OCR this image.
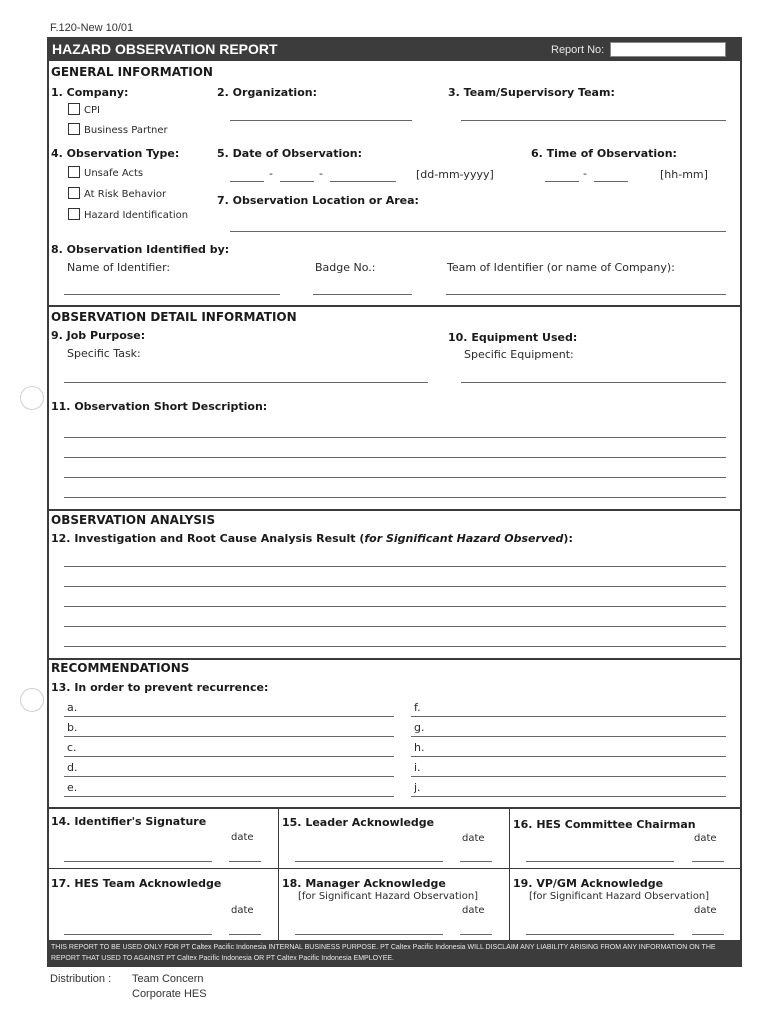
F.120-New 10/01
HAZARD OBSERVATION REPORT	Report No:
GENERAL INFORMATION
1. Company:
CPI
Business Partner
2. Organization:	3. Team/Supervisory Team:
4. Observation Type:
Unsafe Acts
At Risk Behavior
Hazard Identification
5. Date of Observation:
-	-	[dd-mm-yyyy]
6. Time of Observation:
-	[hh-mm]
7. Observation Location or Area:
8. Observation Identified by:
Name of Identifier:	Badge No.:	Team of Identifier (or name of Company):
OBSERVATION DETAIL INFORMATION
9. Job Purpose:
Specific Task:
10. Equipment Used:
Specific Equipment:
11. Observation Short Description:
OBSERVATION ANALYSIS
12. Investigation and Root Cause Analysis Result (for Significant Hazard Observed):
RECOMMENDATIONS
13. In order to prevent recurrence:
a.
b.
c.
d.
e.
f.
g.
h.
i.
j.
14. Identifier's Signature
date
15. Leader Acknowledge
date
16. HES Committee Chairman
date
17. HES Team Acknowledge
date
18. Manager Acknowledge
[for Significant Hazard Observation]
date
19. VP/GM Acknowledge
[for Significant Hazard Observation]
date
THIS REPORT TO BE USED ONLY FOR PT Caltex Pacific Indonesia INTERNAL BUSINESS PURPOSE. PT Caltex Pacific Indonesia WILL DISCLAIM ANY LIABILITY ARISING FROM ANY INFORMATION ON THE REPORT THAT USED TO AGAINST PT Caltex Pacific Indonesia OR PT Caltex Pacific Indonesia EMPLOYEE.
Distribution : Team Concern
Corporate HES
